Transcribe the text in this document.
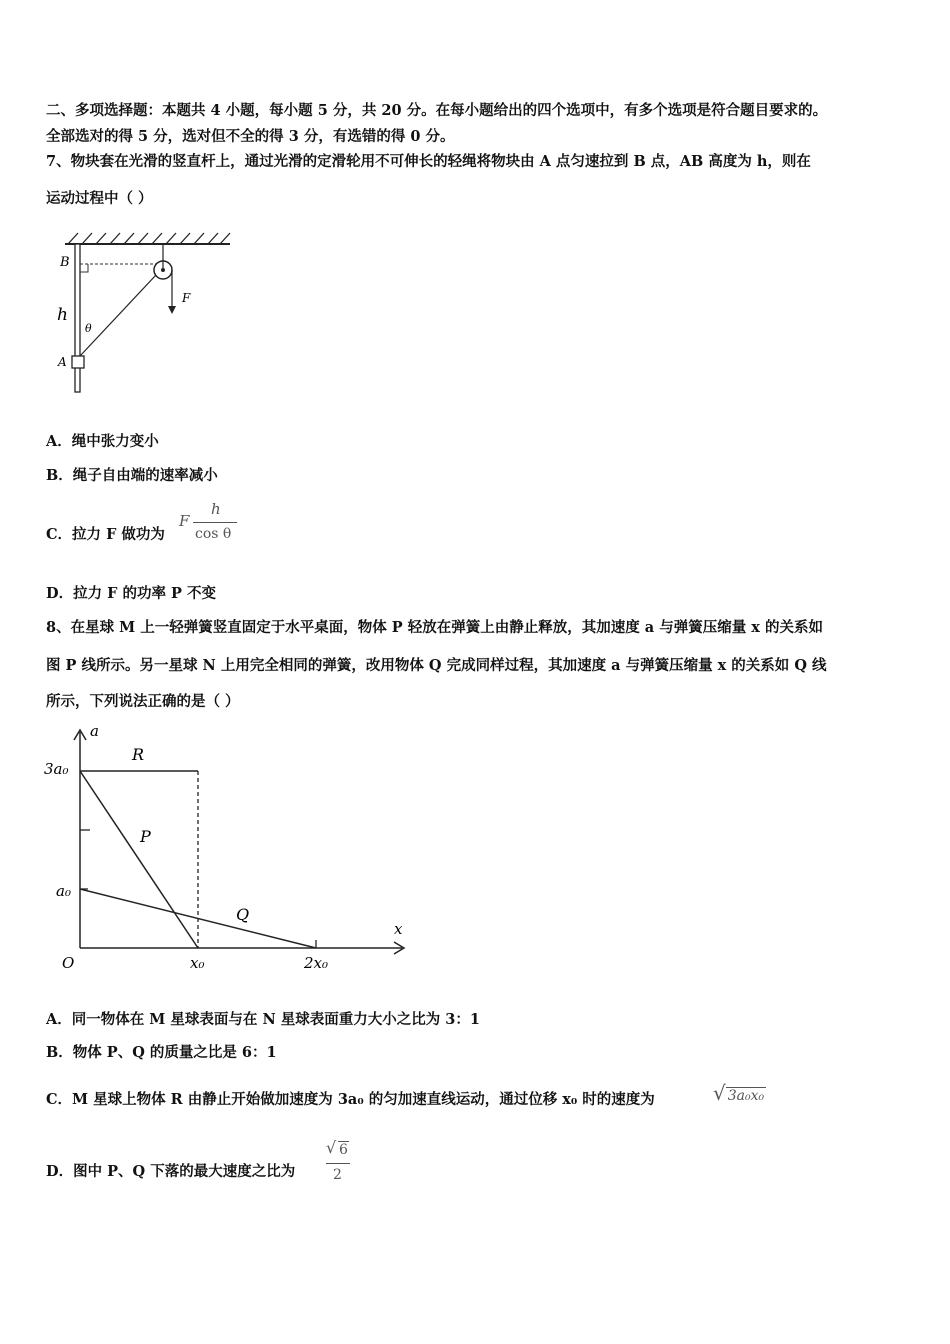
二、多项选择题：本题共 4 小题，每小题 5 分，共 20 分。在每小题给出的四个选项中，有多个选项是符合题目要求的。
全部选对的得 5 分，选对但不全的得 3 分，有选错的得 0 分。
7、物块套在光滑的竖直杆上，通过光滑的定滑轮用不可伸长的轻绳将物块由 A 点匀速拉到 B 点，AB 高度为 h，则在
运动过程中（ ）
B
h
θ
A
F
A．绳中张力变小
B．绳子自由端的速率减小
C．拉力 F 做功为
F
h
cos θ
D．拉力 F 的功率 P 不变
8、在星球 M 上一轻弹簧竖直固定于水平桌面，物体 P 轻放在弹簧上由静止释放，其加速度 a 与弹簧压缩量 x 的关系如
图 P 线所示。另一星球 N 上用完全相同的弹簧，改用物体 Q 完成同样过程，其加速度 a 与弹簧压缩量 x 的关系如 Q 线
所示，下列说法正确的是（ ）
a
x
O
3a₀
a₀
x₀	2x₀
R
P
Q
A．同一物体在 M 星球表面与在 N 星球表面重力大小之比为 3：1
B．物体 P、Q 的质量之比是 6：1
C．M 星球上物体 R 由静止开始做加速度为 3a₀ 的匀加速直线运动，通过位移 x₀ 时的速度为	√ 3a₀x₀
D．图中 P、Q 下落的最大速度之比为
√ 6
2
